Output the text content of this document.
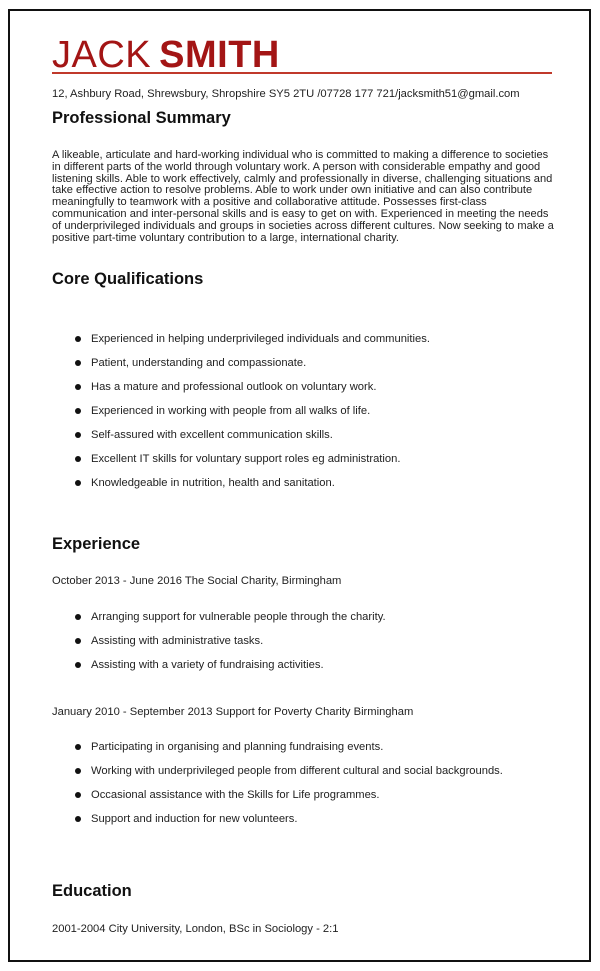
JACK SMITH
12, Ashbury Road, Shrewsbury, Shropshire SY5 2TU /07728 177 721/jacksmith51@gmail.com
Professional Summary

A likeable, articulate and hard-working individual who is committed to making a difference to societies in different parts of the world through voluntary work. A person with considerable empathy and good listening skills. Able to work effectively, calmly and professionally in diverse, challenging situations and take effective action to resolve problems. Able to work under own initiative and can also contribute meaningfully to teamwork with a positive and collaborative attitude. Possesses first-class communication and inter-personal skills and is easy to get on with. Experienced in meeting the needs of underprivileged individuals and groups in societies across different cultures. Now seeking to make a positive part-time voluntary contribution to a large, international charity.

Core Qualifications
Experienced in helping underprivileged individuals and communities.
Patient, understanding and compassionate.
Has a mature and professional outlook on voluntary work.
Experienced in working with people from all walks of life.
Self-assured with excellent communication skills.
Excellent IT skills for voluntary support roles eg administration.
Knowledgeable in nutrition, health and sanitation.
Experience
October 2013 - June 2016 The Social Charity, Birmingham
Arranging support for vulnerable people through the charity.
Assisting with administrative tasks.
Assisting with a variety of fundraising activities.
January 2010 - September 2013 Support for Poverty Charity Birmingham
Participating in organising and planning fundraising events.
Working with underprivileged people from different cultural and social backgrounds.
Occasional assistance with the Skills for Life programmes.
Support and induction for new volunteers.
Education
2001-2004 City University, London, BSc in Sociology - 2:1
